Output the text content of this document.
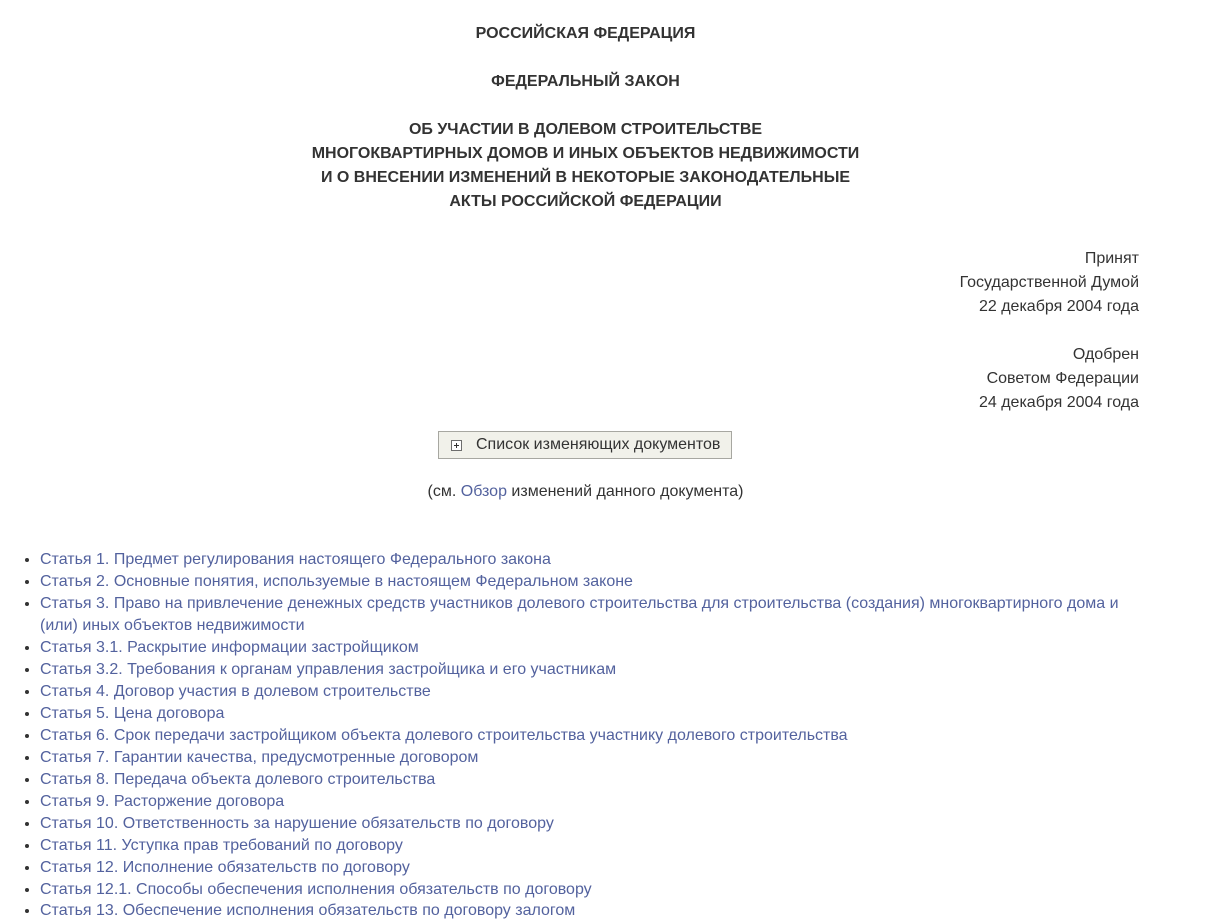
РОССИЙСКАЯ ФЕДЕРАЦИЯ
ФЕДЕРАЛЬНЫЙ ЗАКОН
ОБ УЧАСТИИ В ДОЛЕВОМ СТРОИТЕЛЬСТВЕ
МНОГОКВАРТИРНЫХ ДОМОВ И ИНЫХ ОБЪЕКТОВ НЕДВИЖИМОСТИ
И О ВНЕСЕНИИ ИЗМЕНЕНИЙ В НЕКОТОРЫЕ ЗАКОНОДАТЕЛЬНЫЕ
АКТЫ РОССИЙСКОЙ ФЕДЕРАЦИИ
Принят
Государственной Думой
22 декабря 2004 года
Одобрен
Советом Федерации
24 декабря 2004 года
Список изменяющих документов
(см. Обзор изменений данного документа)
• Статья 1. Предмет регулирования настоящего Федерального закона
• Статья 2. Основные понятия, используемые в настоящем Федеральном законе
• Статья 3. Право на привлечение денежных средств участников долевого строительства для строительства (создания) многоквартирного дома и (или) иных объектов недвижимости
• Статья 3.1. Раскрытие информации застройщиком
• Статья 3.2. Требования к органам управления застройщика и его участникам
• Статья 4. Договор участия в долевом строительстве
• Статья 5. Цена договора
• Статья 6. Срок передачи застройщиком объекта долевого строительства участнику долевого строительства
• Статья 7. Гарантии качества, предусмотренные договором
• Статья 8. Передача объекта долевого строительства
• Статья 9. Расторжение договора
• Статья 10. Ответственность за нарушение обязательств по договору
• Статья 11. Уступка прав требований по договору
• Статья 12. Исполнение обязательств по договору
• Статья 12.1. Способы обеспечения исполнения обязательств по договору
• Статья 13. Обеспечение исполнения обязательств по договору залогом
